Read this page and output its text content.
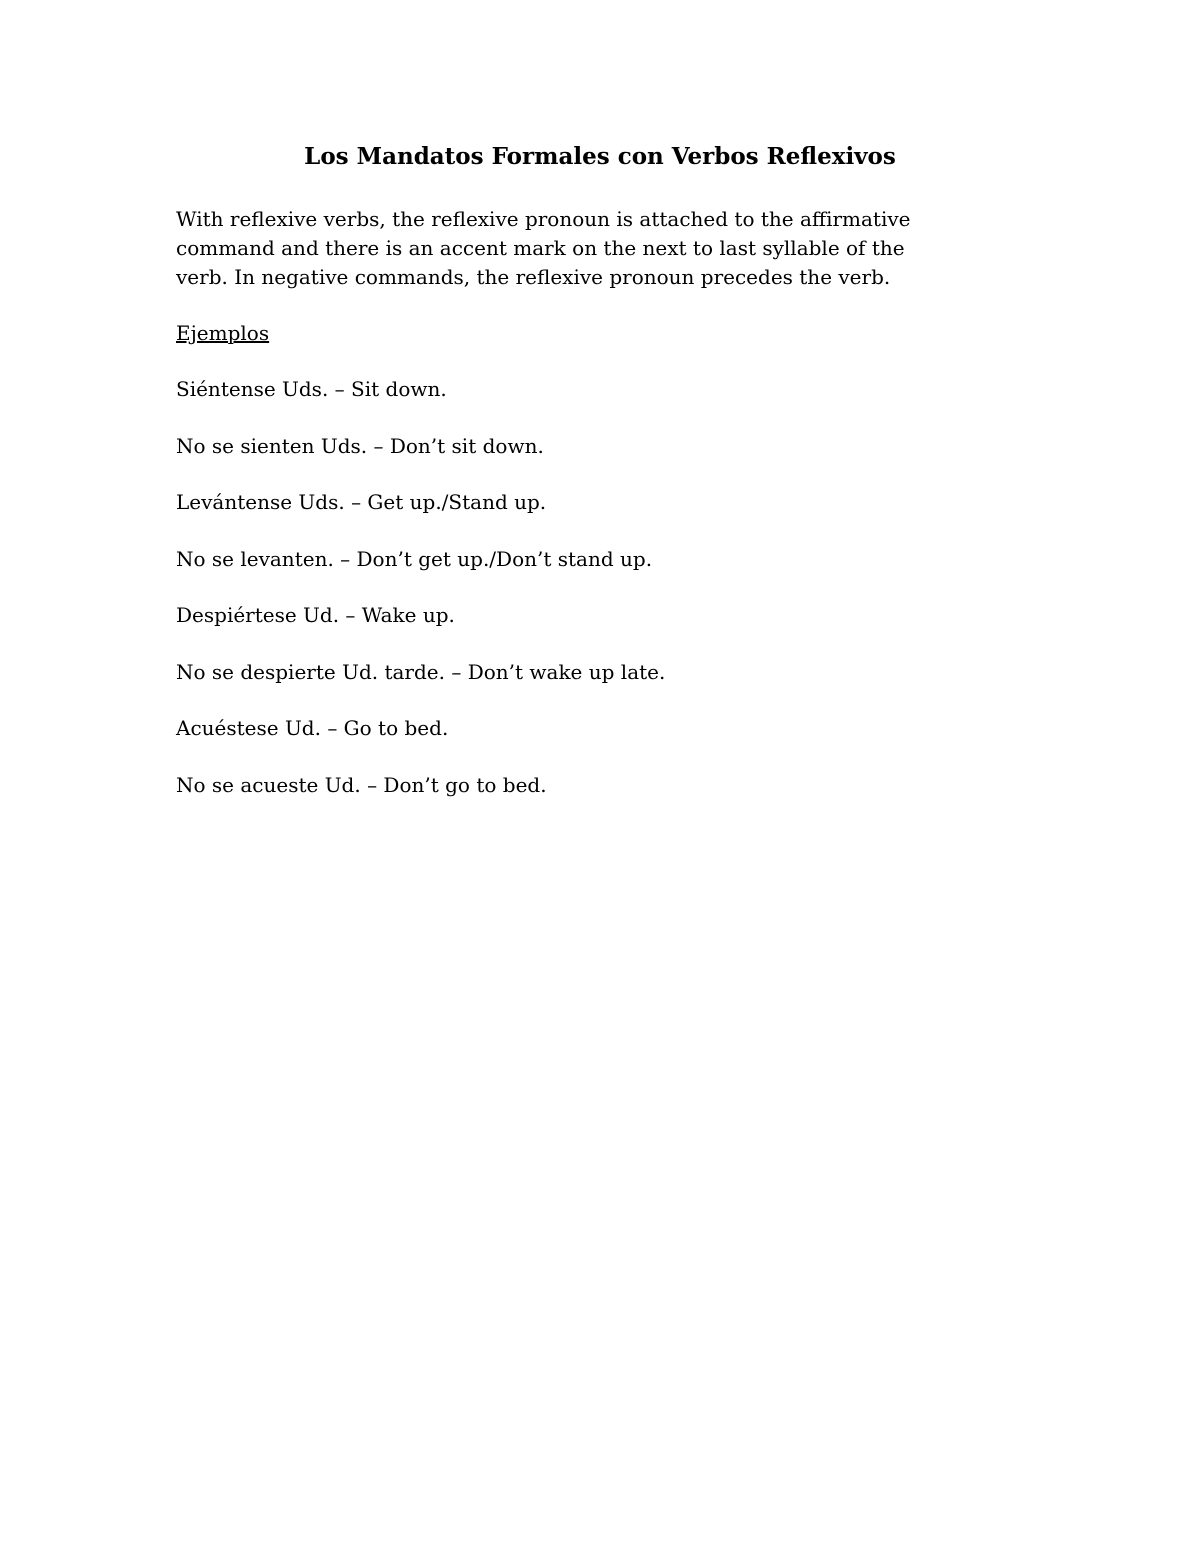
Los Mandatos Formales con Verbos Reflexivos

With reflexive verbs, the reflexive pronoun is attached to the affirmative
command and there is an accent mark on the next to last syllable of the
verb. In negative commands, the reflexive pronoun precedes the verb.

Ejemplos

Siéntense Uds. – Sit down.
No se sienten Uds. – Don’t sit down.
Levántense Uds. – Get up./Stand up.
No se levanten. – Don’t get up./Don’t stand up.
Despiértese Ud. – Wake up.
No se despierte Ud. tarde. – Don’t wake up late.
Acuéstese Ud. – Go to bed.
No se acueste Ud. – Don’t go to bed.
